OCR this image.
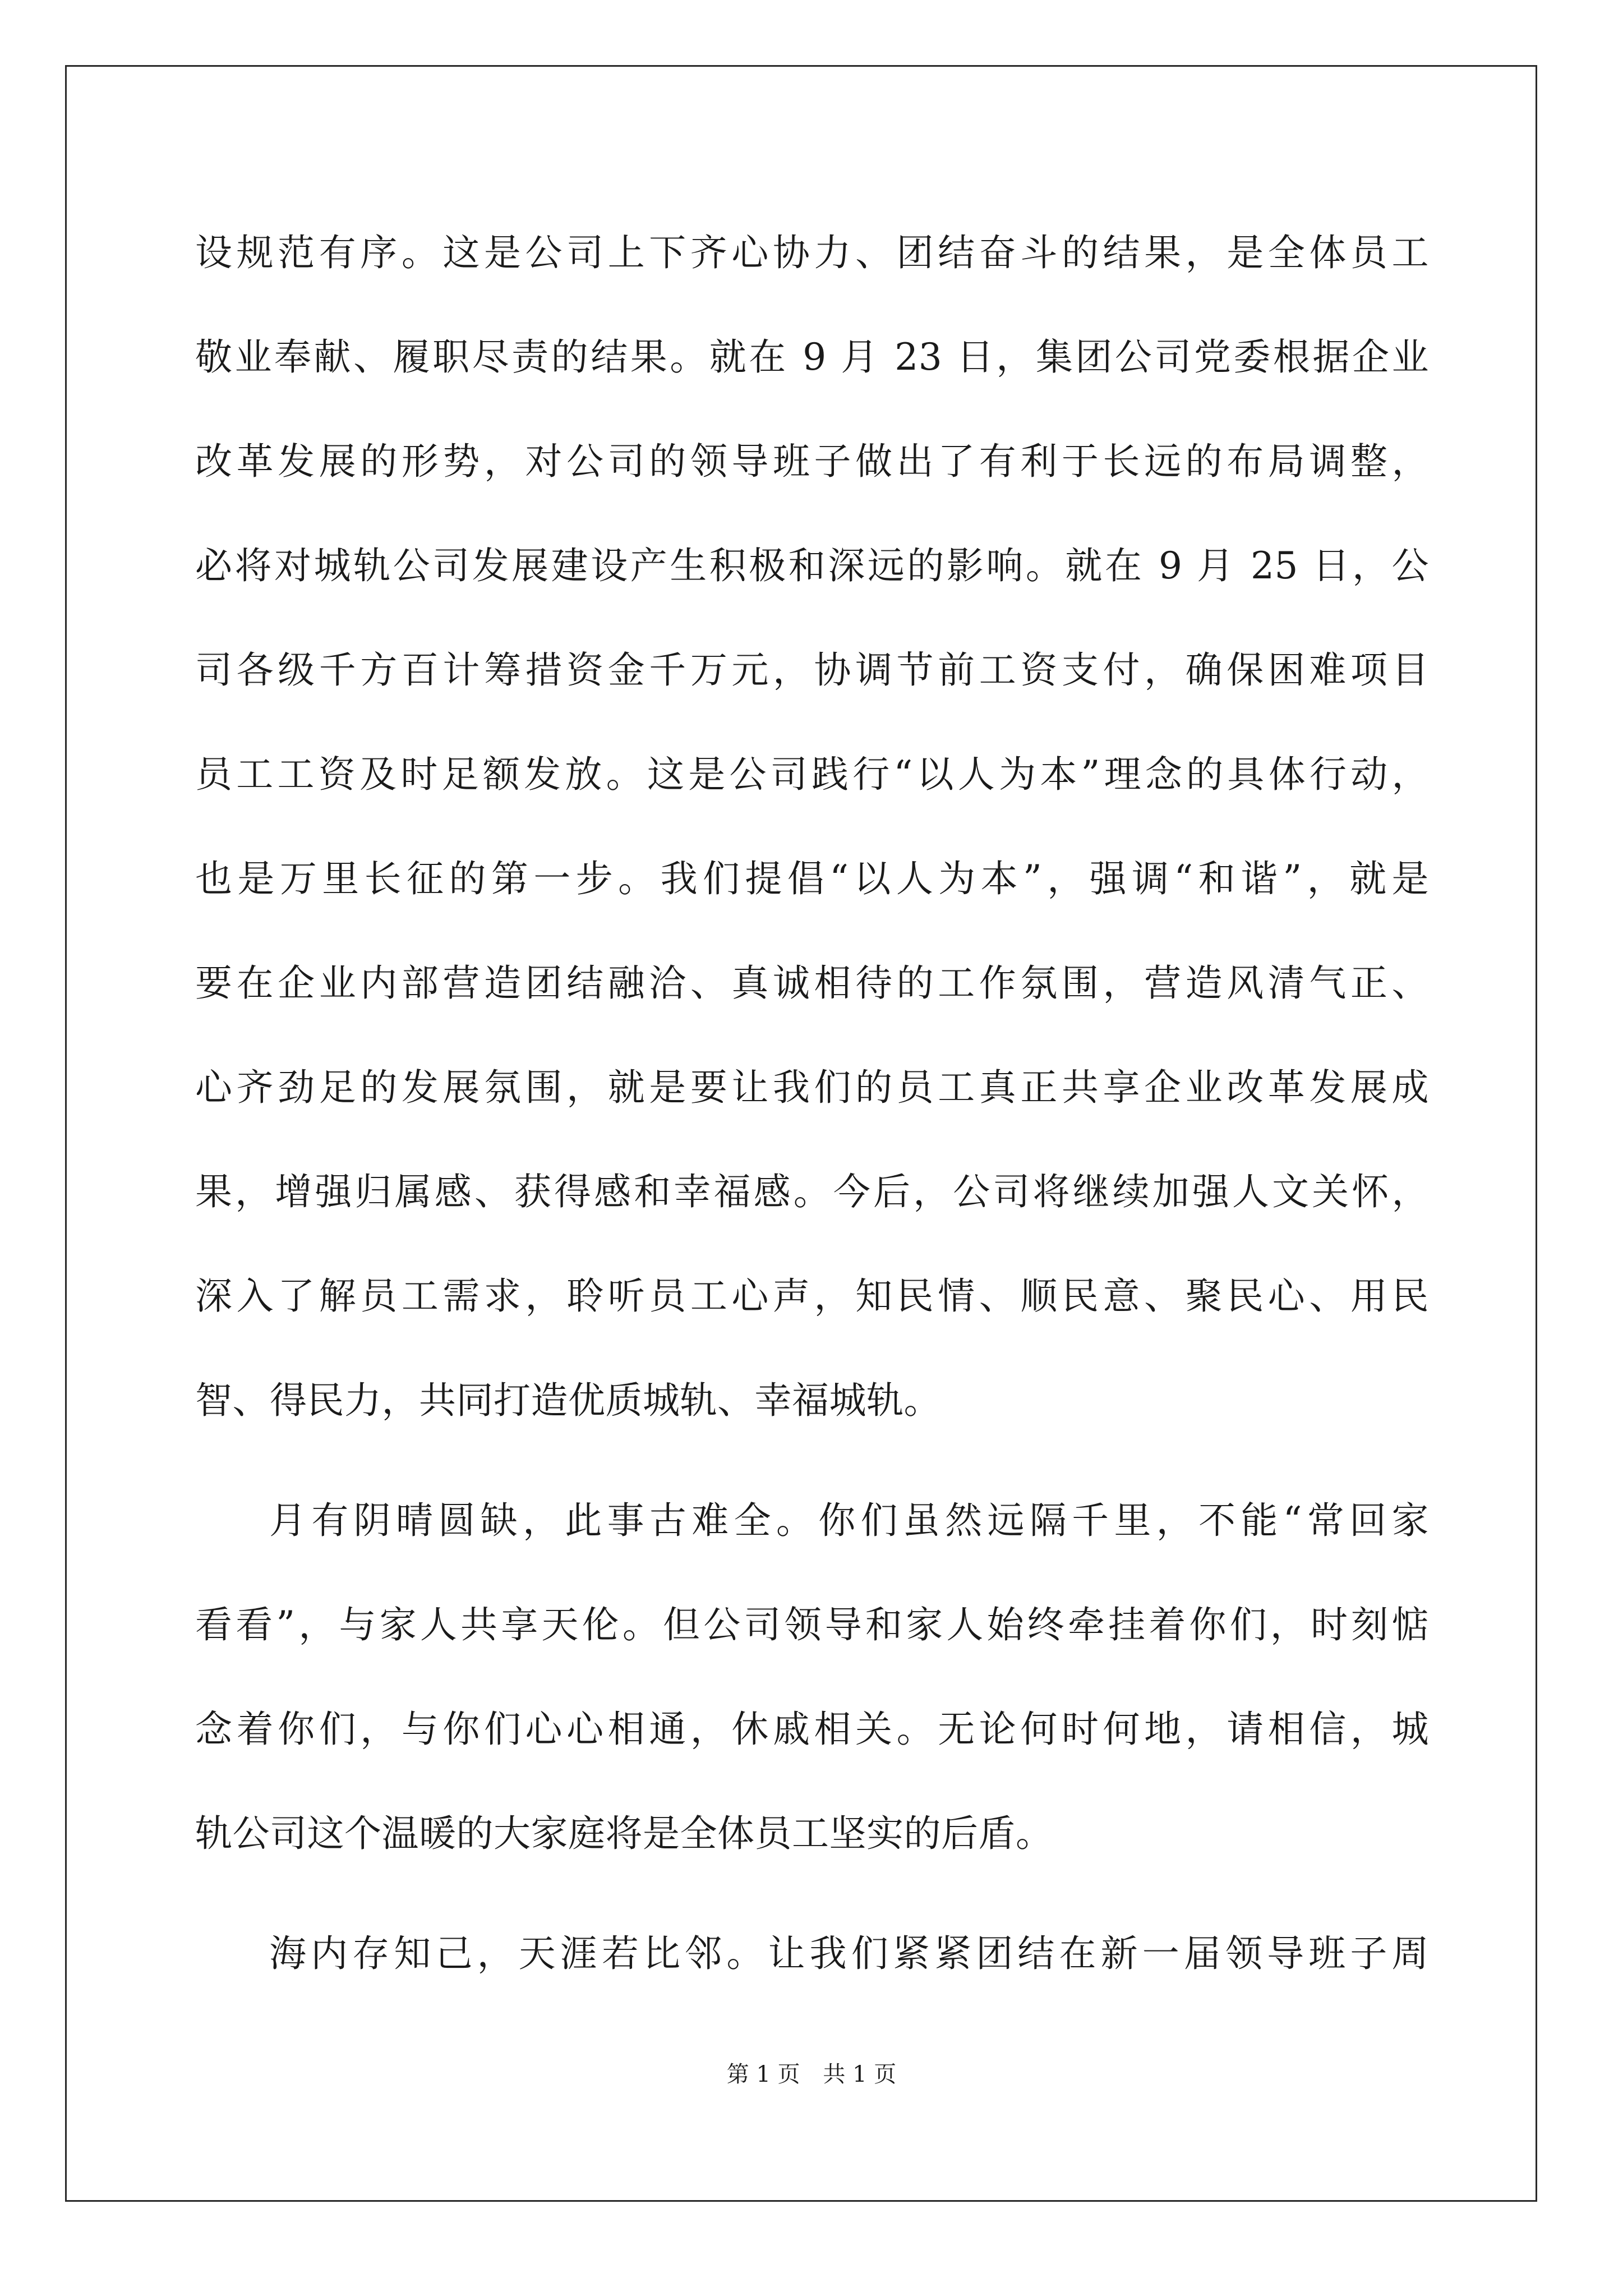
设规范有序。这是公司上下齐心协力、团结奋斗的结果，是全体员工
敬业奉献、履职尽责的结果。就在 9 月 23 日，集团公司党委根据企业
改革发展的形势，对公司的领导班子做出了有利于长远的布局调整，
必将对城轨公司发展建设产生积极和深远的影响。就在 9 月 25 日，公
司各级千方百计筹措资金千万元，协调节前工资支付，确保困难项目
员工工资及时足额发放。这是公司践行“以人为本”理念的具体行动，
也是万里长征的第一步。我们提倡“以人为本”，强调“和谐”，就是
要在企业内部营造团结融洽、真诚相待的工作氛围，营造风清气正、
心齐劲足的发展氛围，就是要让我们的员工真正共享企业改革发展成
果，增强归属感、获得感和幸福感。今后，公司将继续加强人文关怀，
深入了解员工需求，聆听员工心声，知民情、顺民意、聚民心、用民
智、得民力，共同打造优质城轨、幸福城轨。
月有阴晴圆缺，此事古难全。你们虽然远隔千里，不能“常回家
看看”，与家人共享天伦。但公司领导和家人始终牵挂着你们，时刻惦
念着你们，与你们心心相通，休戚相关。无论何时何地，请相信，城
轨公司这个温暖的大家庭将是全体员工坚实的后盾。
海内存知己，天涯若比邻。让我们紧紧团结在新一届领导班子周
第 1 页 共 1 页
